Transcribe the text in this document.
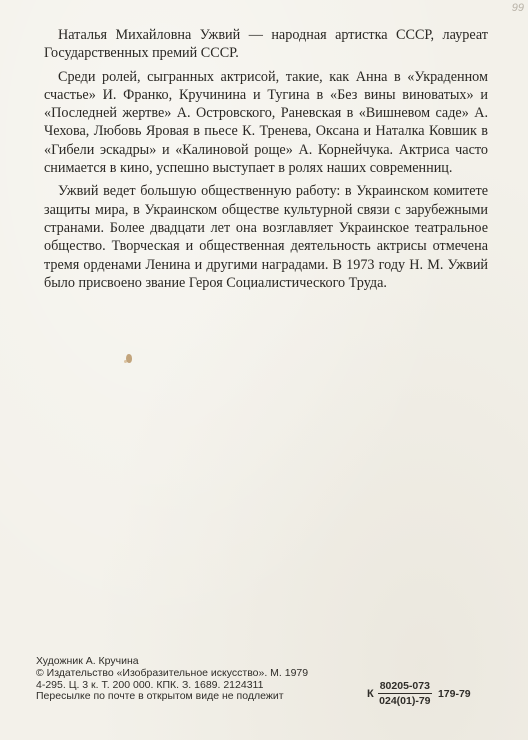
99

Наталья Михайловна Ужвий — народная артистка СССР, лауреат Государственных премий СССР.

Среди ролей, сыгранных актрисой, такие, как Анна в «Украденном счастье» И. Франко, Кручинина и Тугина в «Без вины виноватых» и «Последней жертве» А. Островского, Раневская в «Вишневом саде» А. Чехова, Любовь Яровая в пьесе К. Тренева, Оксана и Наталка Ковшик в «Гибели эскадры» и «Калиновой роще» А. Корнейчука. Актриса часто снимается в кино, успешно выступает в ролях наших современниц.

Ужвий ведет большую общественную работу: в Украинском комитете защиты мира, в Украинском обществе культурной связи с зарубежными странами. Более двадцати лет она возглавляет Украинское театральное общество. Творческая и общественная деятельность актрисы отмечена тремя орденами Ленина и другими наградами. В 1973 году Н. М. Ужвий было присвоено звание Героя Социалистического Труда.

Художник А. Кручина
© Издательство «Изобразительное искусство». М. 1979
4-295. Ц. 3 к. Т. 200 000. КПК. З. 1689. 2124311
Пересылке по почте в открытом виде не подлежит	К $\frac{80205-073}{024(01)-79} 179-79$
